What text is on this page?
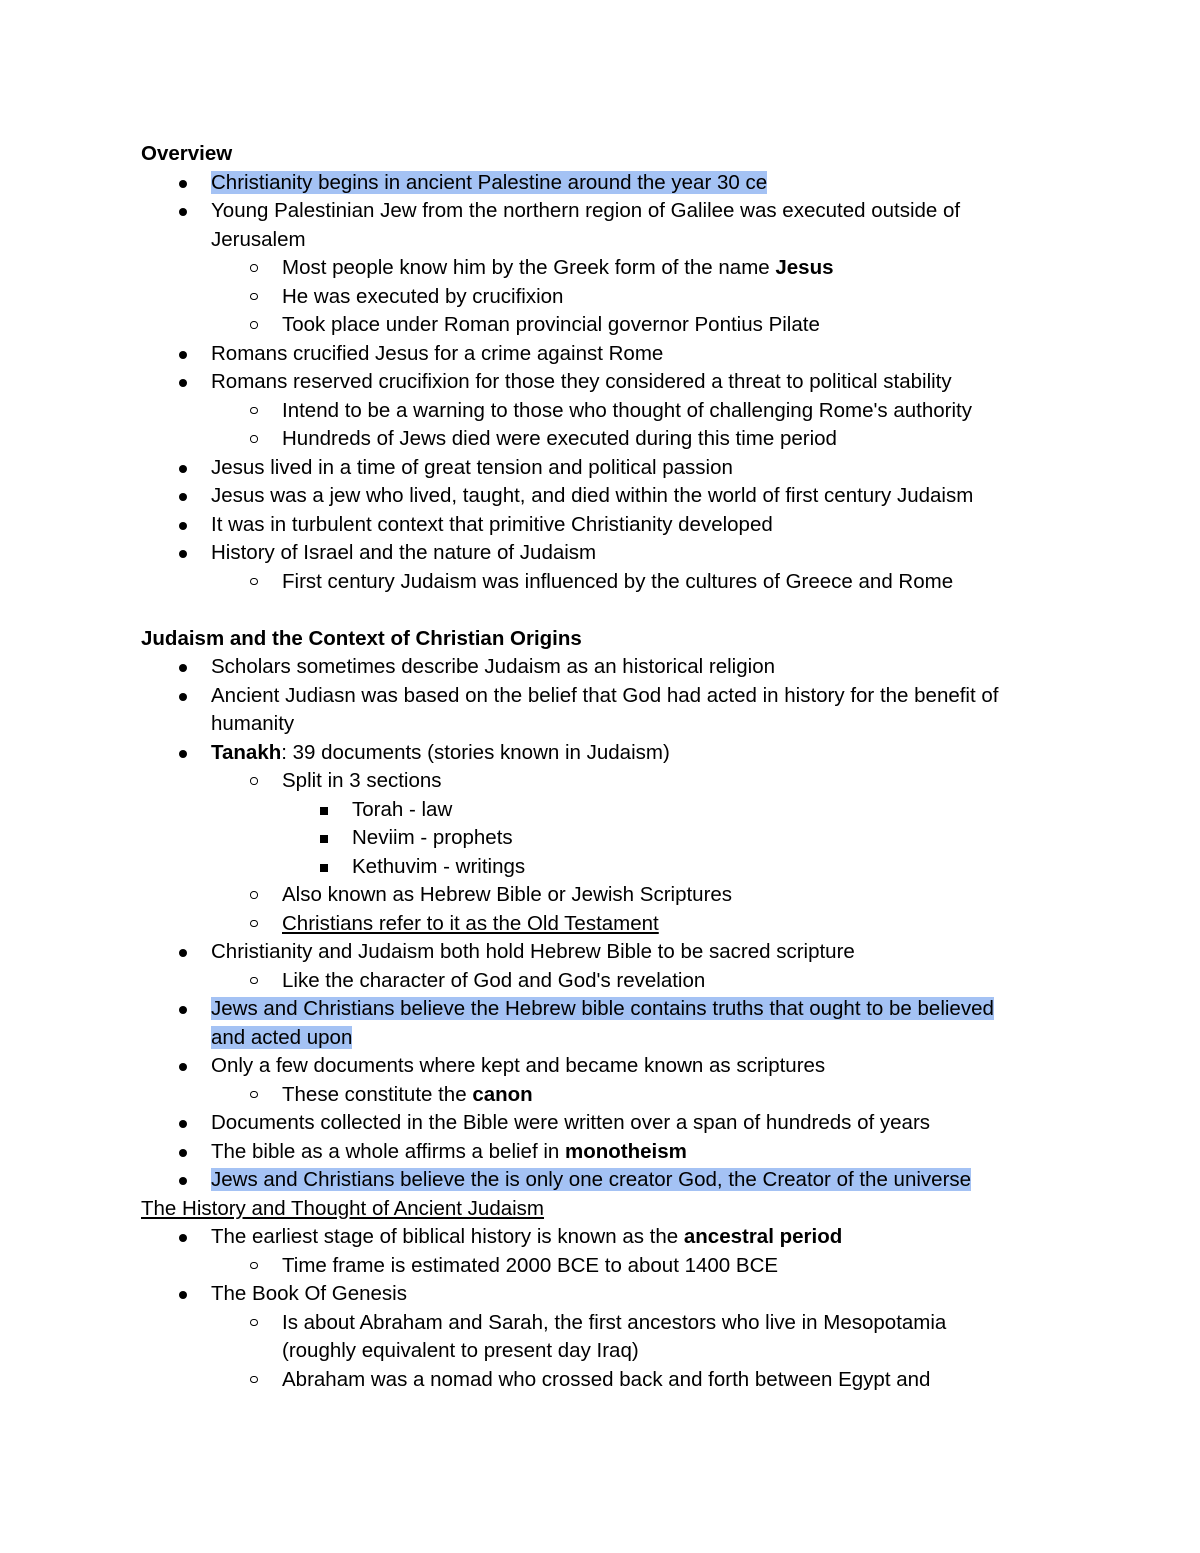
Overview
Christianity begins in ancient Palestine around the year 30 ce
Young Palestinian Jew from the northern region of Galilee was executed outside of
Jerusalem
Most people know him by the Greek form of the name Jesus
He was executed by crucifixion
Took place under Roman provincial governor Pontius Pilate
Romans crucified Jesus for a crime against Rome
Romans reserved crucifixion for those they considered a threat to political stability
Intend to be a warning to those who thought of challenging Rome's authority
Hundreds of Jews died were executed during this time period
Jesus lived in a time of great tension and political passion
Jesus was a jew who lived, taught, and died within the world of first century Judaism
It was in turbulent context that primitive Christianity developed
History of Israel and the nature of Judaism
First century Judaism was influenced by the cultures of Greece and Rome

Judaism and the Context of Christian Origins
Scholars sometimes describe Judaism as an historical religion
Ancient Judiasn was based on the belief that God had acted in history for the benefit of
humanity
Tanakh: 39 documents (stories known in Judaism)
Split in 3 sections
Torah - law
Neviim - prophets
Kethuvim - writings
Also known as Hebrew Bible or Jewish Scriptures
Christians refer to it as the Old Testament
Christianity and Judaism both hold Hebrew Bible to be sacred scripture
Like the character of God and God's revelation
Jews and Christians believe the Hebrew bible contains truths that ought to be believed
and acted upon
Only a few documents where kept and became known as scriptures
These constitute the canon
Documents collected in the Bible were written over a span of hundreds of years
The bible as a whole affirms a belief in monotheism
Jews and Christians believe the is only one creator God, the Creator of the universe
The History and Thought of Ancient Judaism
The earliest stage of biblical history is known as the ancestral period
Time frame is estimated 2000 BCE to about 1400 BCE
The Book Of Genesis
Is about Abraham and Sarah, the first ancestors who live in Mesopotamia
(roughly equivalent to present day Iraq)
Abraham was a nomad who crossed back and forth between Egypt and
